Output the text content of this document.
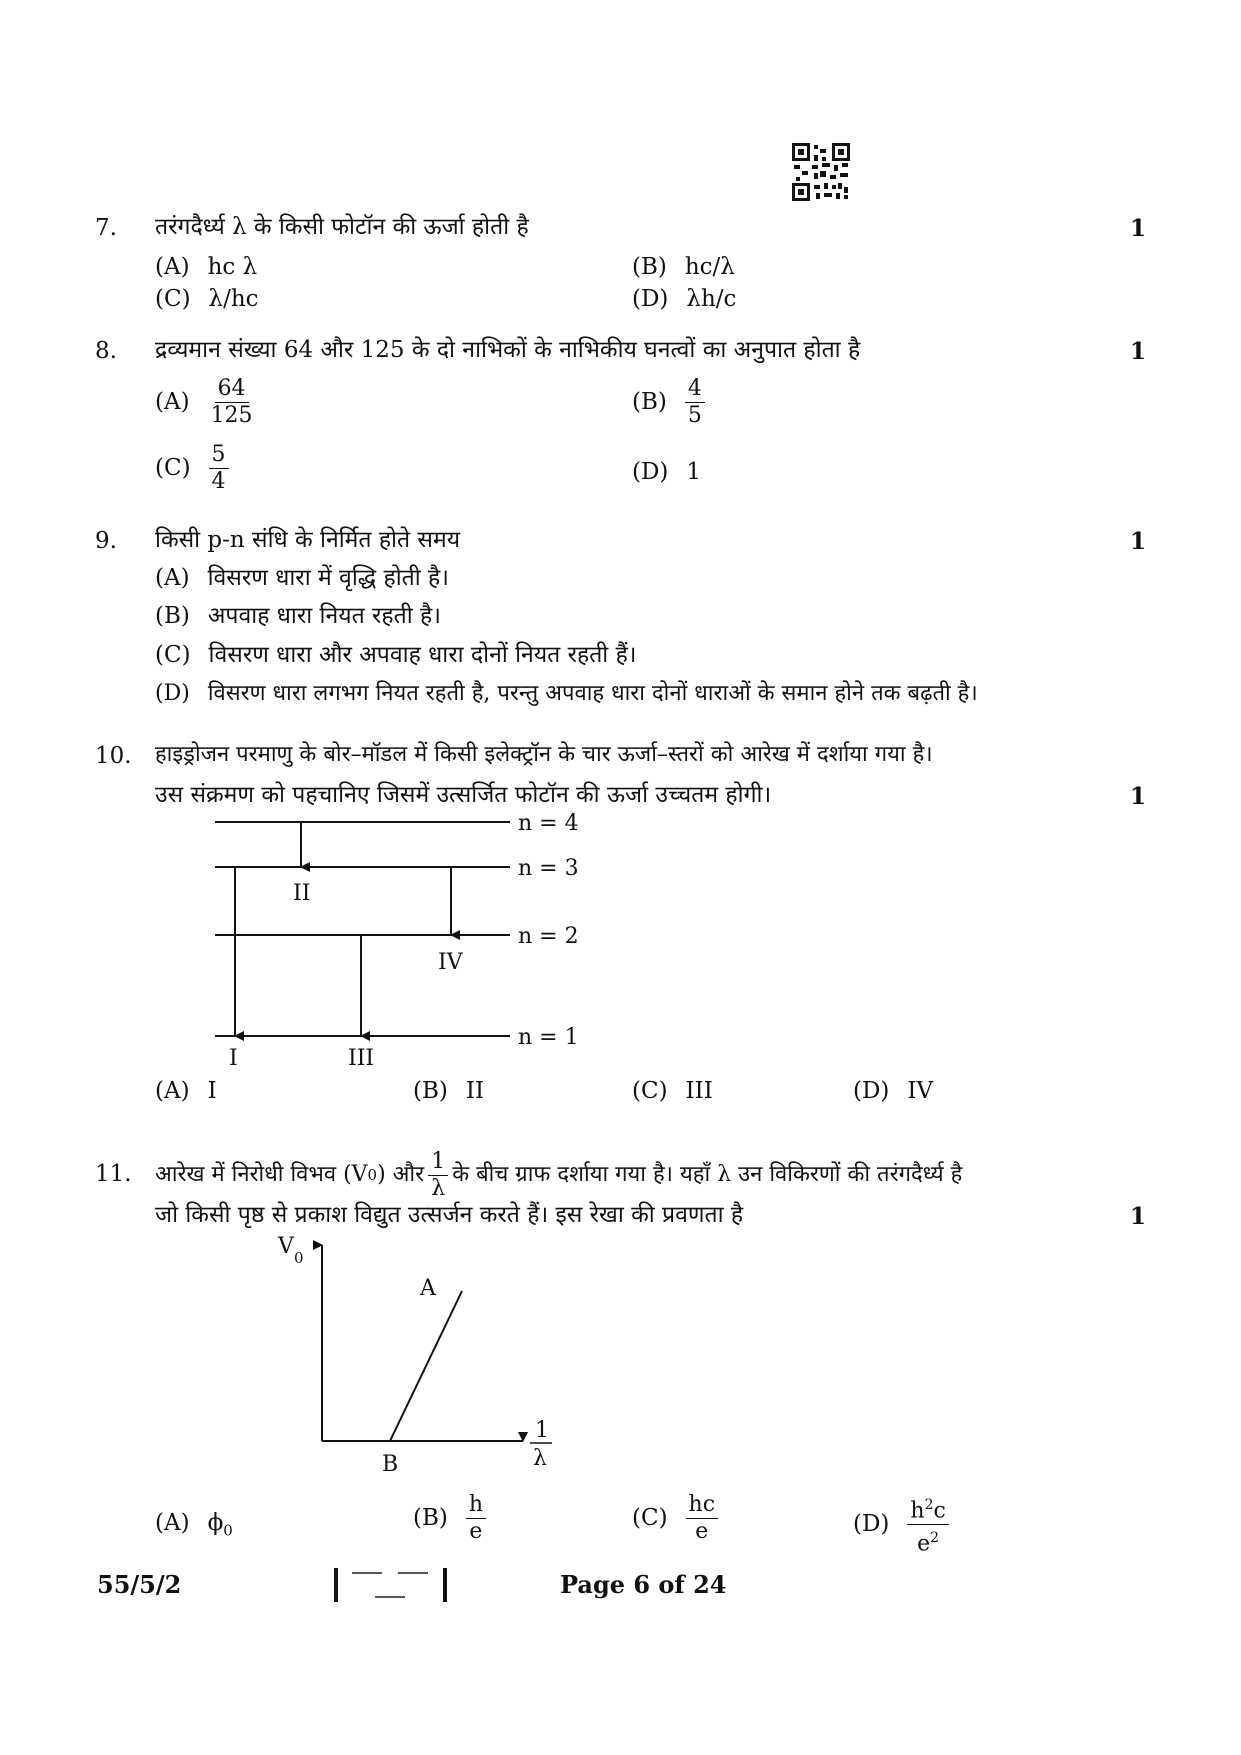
7. तरंगदैर्ध्य λ के किसी फोटॉन की ऊर्जा होती है	1
(A) hc λ	(B) hc/λ
(C) λ/hc	(D) λh/c
8. द्रव्यमान संख्या 64 और 125 के दो नाभिकों के नाभिकीय घनत्वों का अनुपात होता है	1
$(A) \frac{64}{125}$	$(B) \frac{4}{5}$
$(C) \frac{5}{4}$	(D) 1
9. किसी p-n संधि के निर्मित होते समय	1
(A) विसरण धारा में वृद्धि होती है।
(B) अपवाह धारा नियत रहती है।
(C) विसरण धारा और अपवाह धारा दोनों नियत रहती हैं।
(D) विसरण धारा लगभग नियत रहती है, परन्तु अपवाह धारा दोनों धाराओं के समान होने तक बढ़ती है।
10. हाइड्रोजन परमाणु के बोर–मॉडल में किसी इलेक्ट्रॉन के चार ऊर्जा–स्तरों को आरेख में दर्शाया गया है।
उस संक्रमण को पहचानिए जिसमें उत्सर्जित फोटॉन की ऊर्जा उच्चतम होगी।	1
n = 4
n = 3
n = 2
n = 1
I
II
III
IV
(A) I	(B) II	(C) III	(D) IV
11. आरेख में निरोधी विभव (V 0 ) और $\frac{1}{\lambda}$ के बीच ग्राफ दर्शाया गया है। यहाँ λ उन विकिरणों की तरंगदैर्ध्य है
जो किसी पृष्ठ से प्रकाश विद्युत उत्सर्जन करते हैं। इस रेखा की प्रवणता है	1
V 0
A
B
1
λ
(A) $\phi_0$
$(B) \frac{h}{e}$	$(C) \frac{hc}{e}$	$(D) \frac{h^2c}{e^2}$
55/5/2	Page 6 of 24
